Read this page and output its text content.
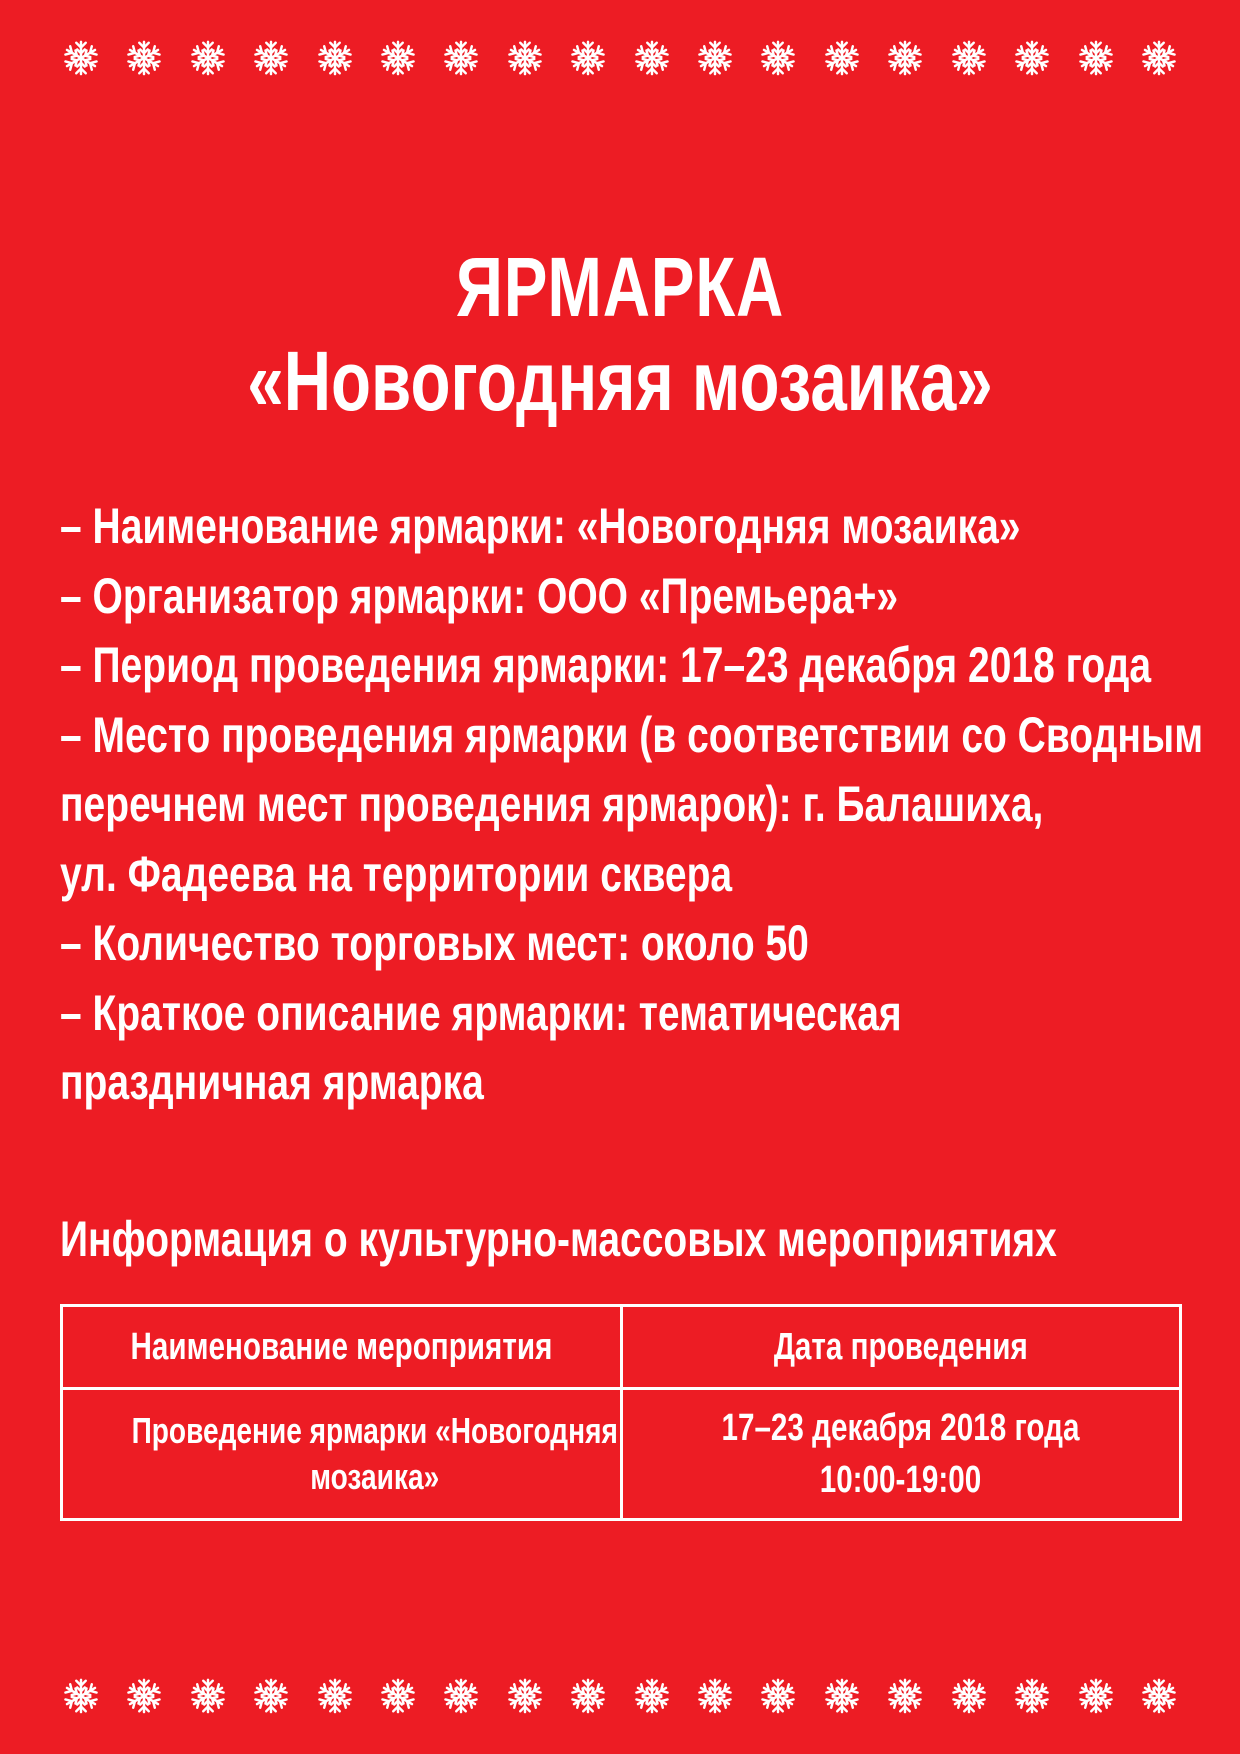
ЯРМАРКА
«Новогодняя мозаика»
– Наименование ярмарки: «Новогодняя мозаика»
– Организатор ярмарки: ООО «Премьера+»
– Период проведения ярмарки: 17–23 декабря 2018 года
– Место проведения ярмарки (в соответствии со Сводным
перечнем мест проведения ярмарок): г. Балашиха,
ул. Фадеева на территории сквера
– Количество торговых мест: около 50
– Краткое описание ярмарки: тематическая
праздничная ярмарка
Информация о культурно-массовых мероприятиях
Наименование мероприятия	Дата проведения
Проведение ярмарки «Новогодняя
мозаика»	17–23 декабря 2018 года
10:00-19:00
